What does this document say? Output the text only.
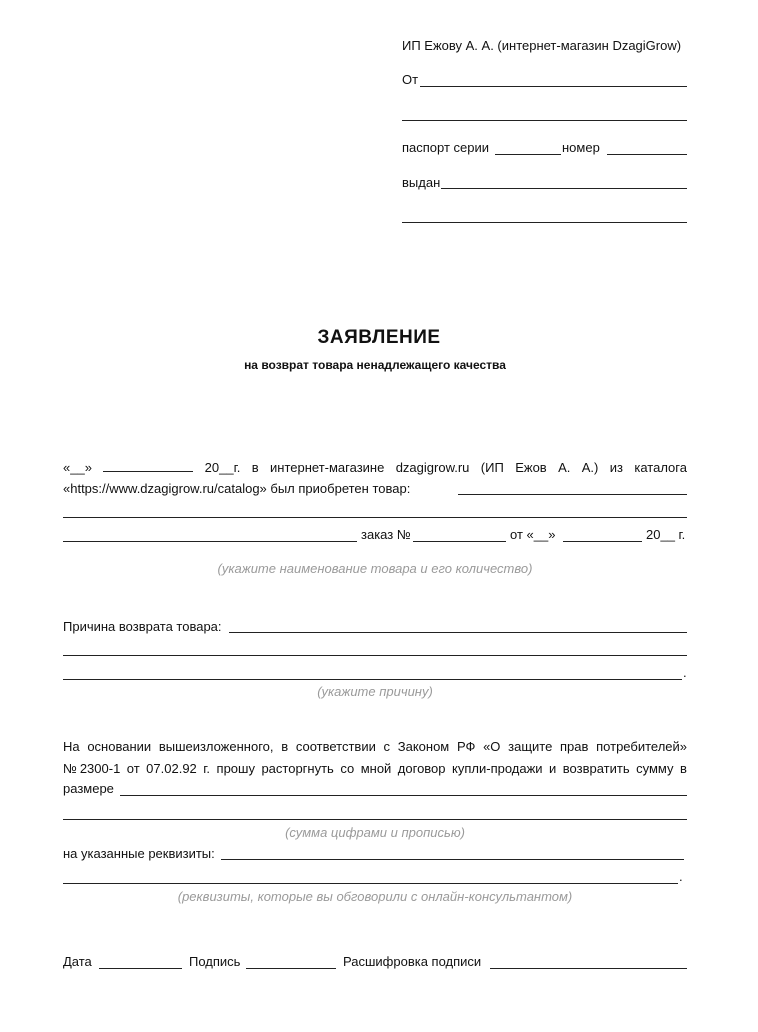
ИП Ежову А. А. (интернет-магазин DzagiGrow)
От
паспорт серии	номер
выдан
ЗАЯВЛЕНИЕ
на возврат товара ненадлежащего качества
«__»	20__г. в интернет-магазине dzagigrow.ru (ИП Ежов А. А.) из каталога
«https://www.dzagigrow.ru/catalog» был приобретен товар:
заказ №	от «__»	20__ г.
(укажите наименование товара и его количество)
Причина возврата товара:
.
(укажите причину)
На основании вышеизложенного, в соответствии с Законом РФ «О защите прав потребителей»
№2300-1 от 07.02.92 г. прошу расторгнуть со мной договор купли-продажи и возвратить сумму в
размере
(сумма цифрами и прописью)
на указанные реквизиты:
.
(реквизиты, которые вы обговорили с онлайн-консультантом)
Дата	Подпись	Расшифровка подписи
